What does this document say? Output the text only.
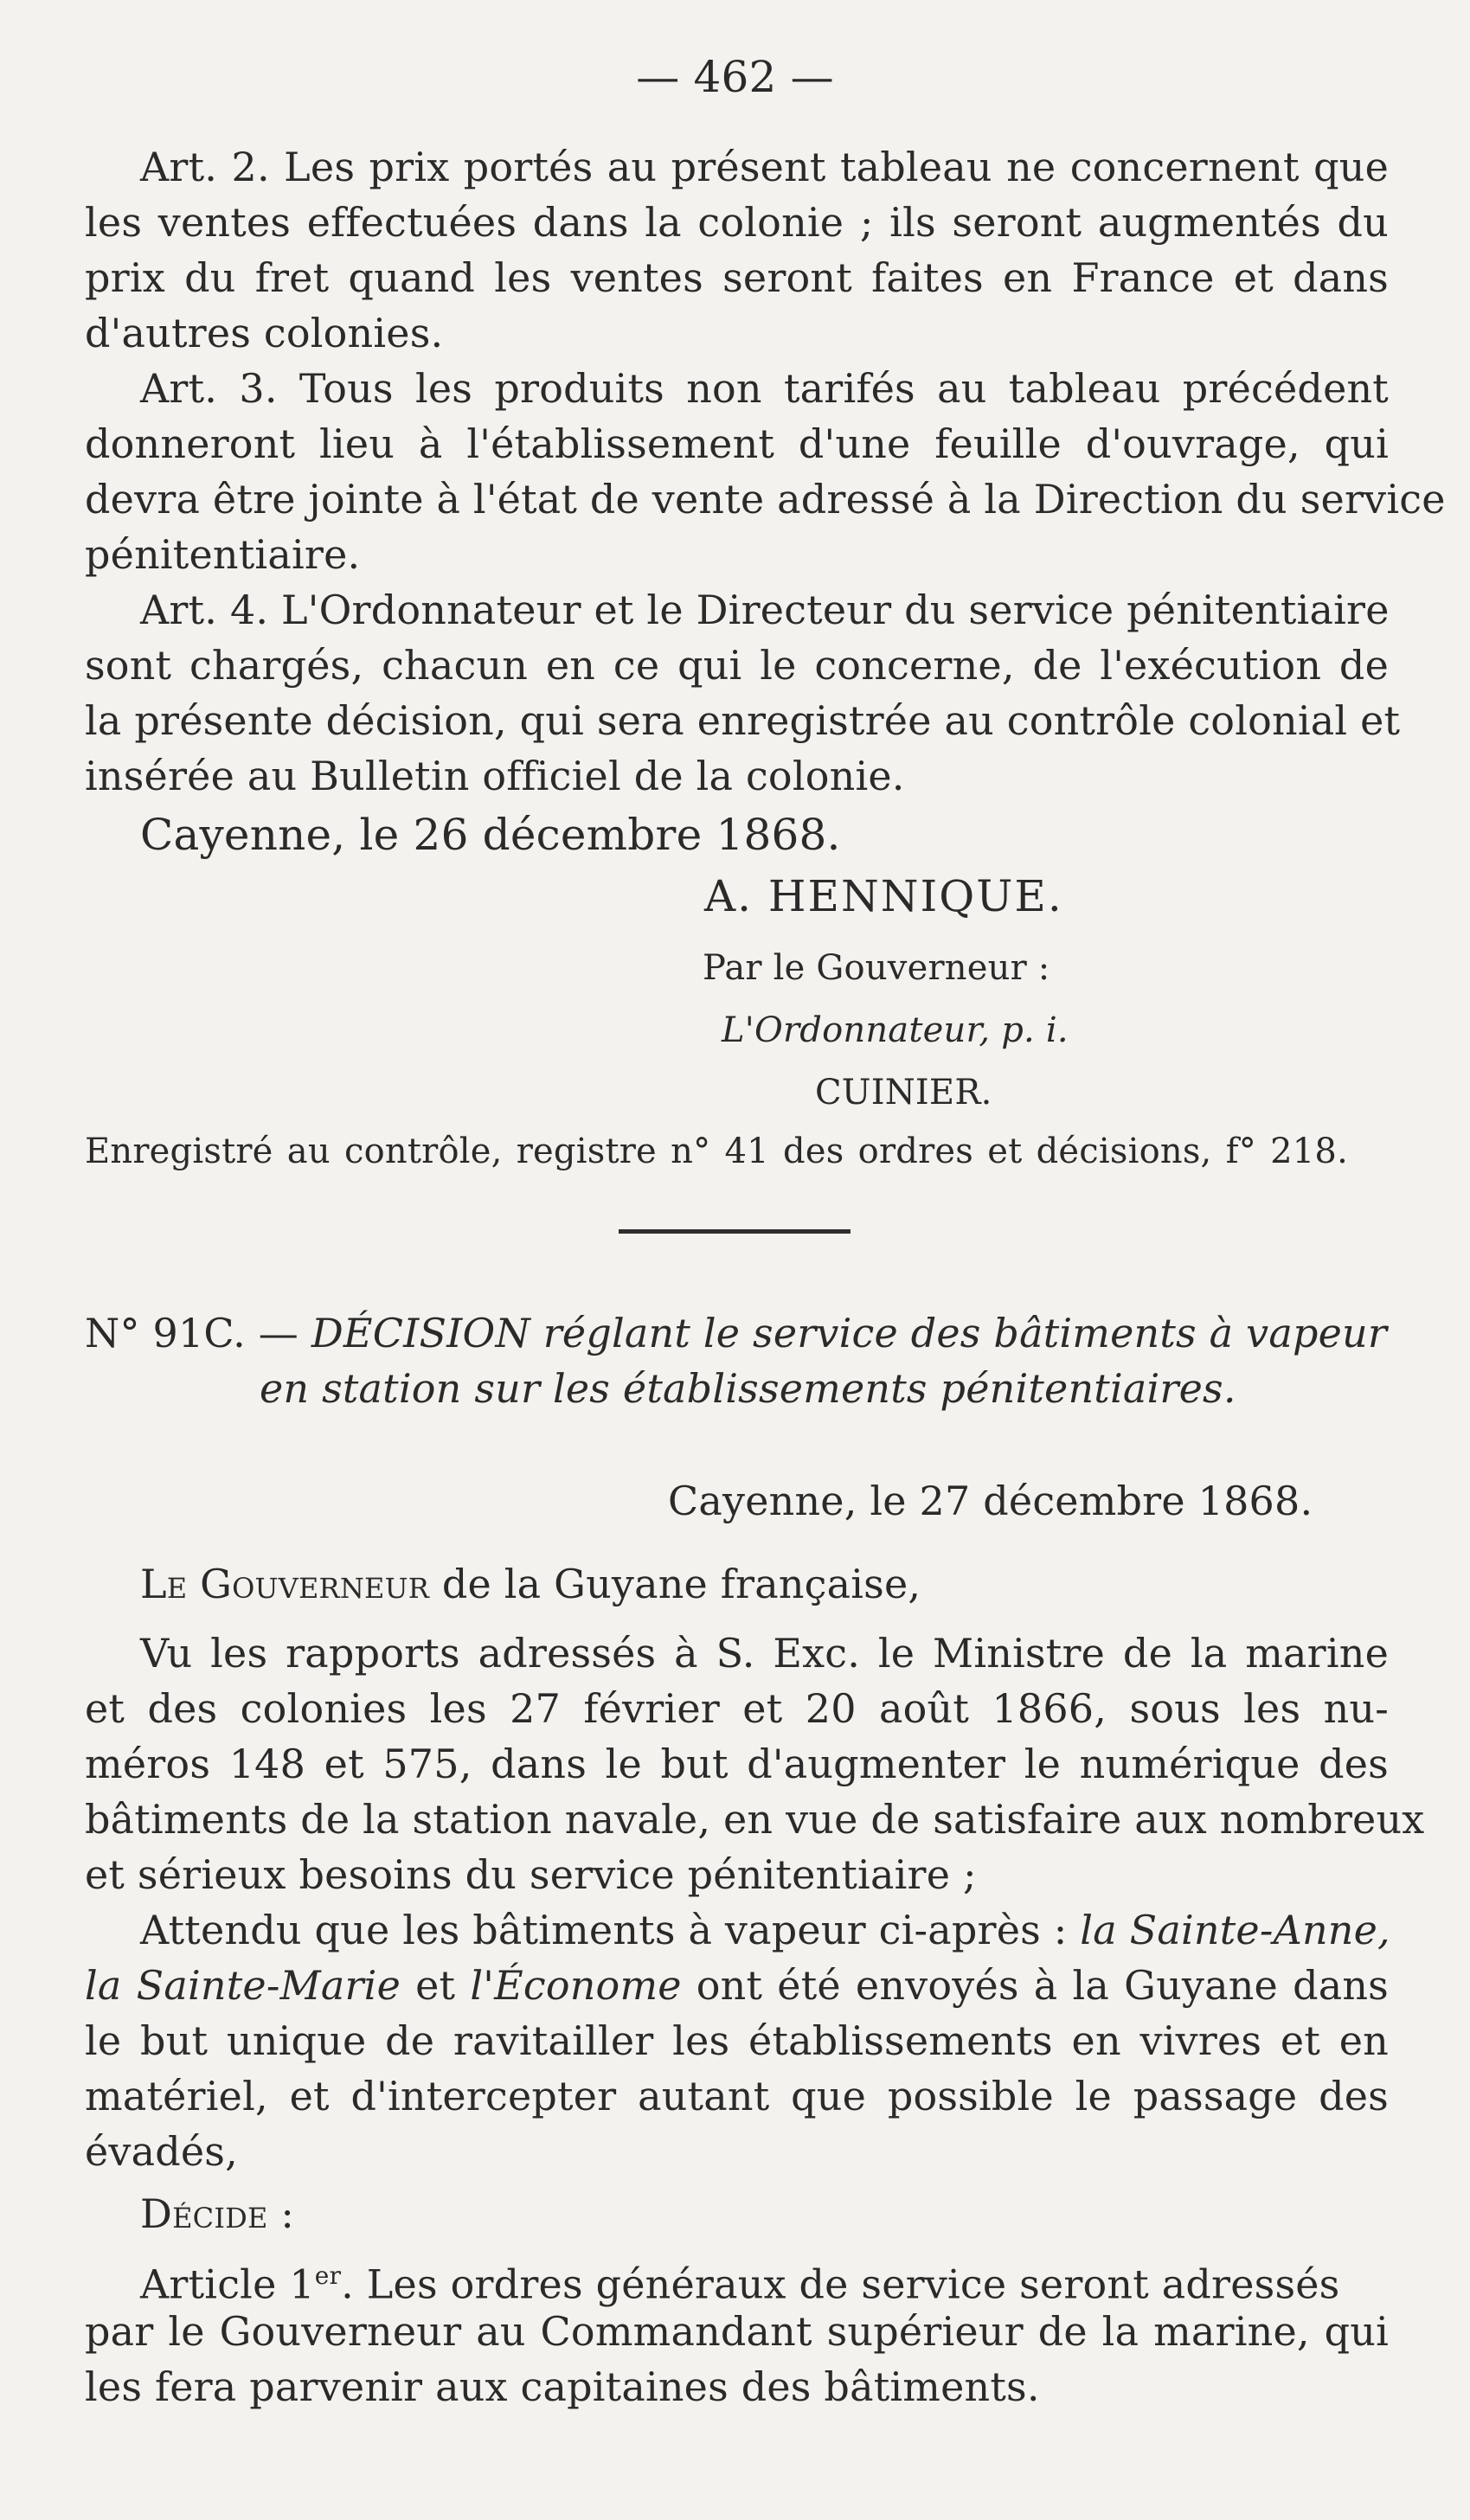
— 462 —
Art. 2. Les prix portés au présent tableau ne concernent que
les ventes effectuées dans la colonie ; ils seront augmentés du
prix du fret quand les ventes seront faites en France et dans
d'autres colonies.
Art. 3. Tous les produits non tarifés au tableau précédent
donneront lieu à l'établissement d'une feuille d'ouvrage, qui
devra être jointe à l'état de vente adressé à la Direction du service
pénitentiaire.
Art. 4. L'Ordonnateur et le Directeur du service pénitentiaire
sont chargés, chacun en ce qui le concerne, de l'exécution de
la présente décision, qui sera enregistrée au contrôle colonial et
insérée au Bulletin officiel de la colonie.
Cayenne, le 26 décembre 1868.
A. HENNIQUE.
Par le Gouverneur :
L'Ordonnateur, p. i.
CUINIER.
Enregistré au contrôle, registre n° 41 des ordres et décisions, f° 218.
N° 91C. — DÉCISION réglant le service des bâtiments à vapeur
en station sur les établissements pénitentiaires.
Cayenne, le 27 décembre 1868.
Le Gouverneur de la Guyane française,
Vu les rapports adressés à S. Exc. le Ministre de la marine
et des colonies les 27 février et 20 août 1866, sous les nu-
méros 148 et 575, dans le but d'augmenter le numérique des
bâtiments de la station navale, en vue de satisfaire aux nombreux
et sérieux besoins du service pénitentiaire ;
Attendu que les bâtiments à vapeur ci-après : la Sainte-Anne,
la Sainte-Marie et l'Économe ont été envoyés à la Guyane dans
le but unique de ravitailler les établissements en vivres et en
matériel, et d'intercepter autant que possible le passage des
évadés,
Décide :
Article 1er. Les ordres généraux de service seront adressés
par le Gouverneur au Commandant supérieur de la marine, qui
les fera parvenir aux capitaines des bâtiments.
